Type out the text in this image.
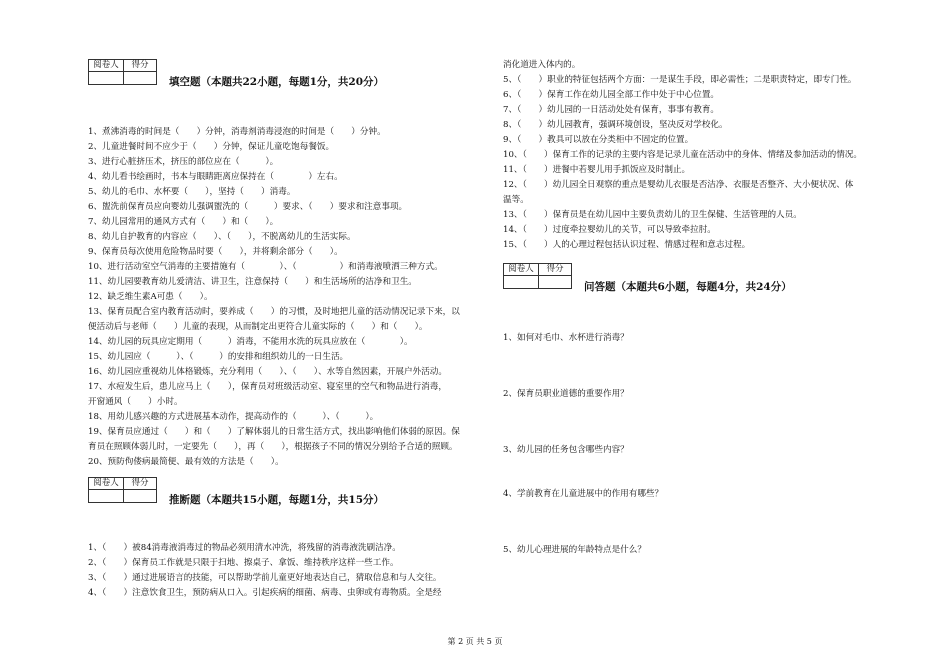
阅卷人	得分

填空题（本题共22小题，每题1分，共20分）
1、煮沸消毒的时间是（　　）分钟，消毒剂消毒浸泡的时间是（　　）分钟。
2、儿童进餐时间不应少于（　　）分钟，保证儿童吃饱每餐饭。
3、进行心脏挤压术，挤压的部位应在（　　　）。
4、幼儿看书绘画时，书本与眼睛距离应保持在（　　　　）左右。
5、幼儿的毛巾、水杯要（　　），坚持（　　）消毒。
6、盥洗前保育员应向婴幼儿强调盥洗的（　　　）要求、（　　）要求和注意事项。
7、幼儿园常用的通风方式有（　　）和（　　）。
8、幼儿自护教育的内容应（　　）、（　　），不脱离幼儿的生活实际。
9、保育员每次使用危险物品时要（　　），并将剩余部分（　　）。
10、进行活动室空气消毒的主要措施有（　　　　）、（　　　　　）和消毒液喷洒三种方式。
11、幼儿园要教育幼儿爱清洁、讲卫生，注意保持（　　）和生活场所的洁净和卫生。
12、缺乏维生素A可患（　　）。
13、保育员配合室内教育活动时，要养成（　　）的习惯，及时地把儿童的活动情况记录下来，以
便活动后与老师（　　）儿童的表现，从而制定出更符合儿童实际的（　　）和（　　）。
14、幼儿园的玩具应定期用（　　　）消毒，不能用水洗的玩具应放在（　　　　）。
15、幼儿园应（　　　）、（　　　）的安排和组织幼儿的一日生活。
16、幼儿园应重视幼儿体格锻炼，充分利用（　　）、（　　）、水等自然因素，开展户外活动。
17、水痘发生后，患儿应马上（　　），保育员对班级活动室、寝室里的空气和物品进行消毒，
开窗通风（　　）小时。
18、用幼儿感兴趣的方式进展基本动作，提高动作的（　　　）、（　　　）。
19、保育员应通过（　　）和（　　）了解体弱儿的日常生活方式，找出影响他们体弱的原因。保
育员在照顾体弱儿时，一定要先（　　），再（　　），根据孩子不同的情况分别给予合适的照顾。
20、预防佝偻病最简便、最有效的方法是（　　）。
阅卷人	得分

推断题（本题共15小题，每题1分，共15分）
1、（　　）被84消毒液消毒过的物品必须用清水冲洗，将残留的消毒液洗刷洁净。
2、（　　）保育员工作就是只限于扫地、擦桌子、拿饭、维持秩序这样一些工作。
3、（　　）通过进展语言的技能，可以帮助学前儿童更好地表达自己，猜取信息和与人交往。
4、（　　）注意饮食卫生，预防病从口入。引起疾病的细菌、病毒、虫卵或有毒物质。全是经
消化道进入体内的。
5、（　　）职业的特征包括两个方面：一是谋生手段，即必需性；二是职责特定，即专门性。
6、（　　）保育工作在幼儿园全部工作中处于中心位置。
7、（　　）幼儿园的一日活动处处有保育，事事有教育。
8、（　　）幼儿园教育，强调环境创设，坚决反对学校化。
9、（　　）教具可以放在分类柜中不固定的位置。
10、（　　）保育工作的记录的主要内容是记录儿童在活动中的身体、情绪及参加活动的情况。
11、（　　）进餐中若婴儿用手抓饭应及时制止。
12、（　　）幼儿园全日观察的重点是婴幼儿衣服是否洁净、衣服是否整齐、大小便状况、体
温等。
13、（　　）保育员是在幼儿园中主要负责幼儿的卫生保健、生活管理的人员。
14、（　　）过度牵拉婴幼儿的关节，可以导致牵拉肘。
15、（　　）人的心理过程包括认识过程、情感过程和意志过程。
阅卷人	得分

问答题（本题共6小题，每题4分，共24分）
1、如何对毛巾、水杯进行消毒？
2、保育员职业道德的重要作用？
3、幼儿园的任务包含哪些内容？
4、学前教育在儿童进展中的作用有哪些？
5、幼儿心理进展的年龄特点是什么？
第 2 页 共 5 页
